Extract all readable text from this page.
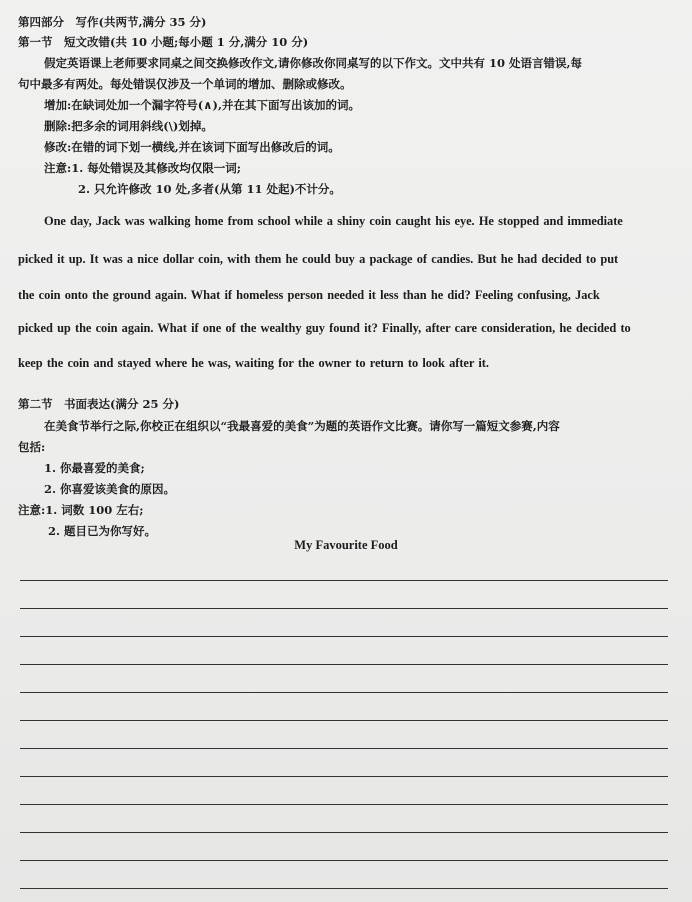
第四部分　写作(共两节,满分 35 分)
第一节　短文改错(共 10 小题;每小题 1 分,满分 10 分)
假定英语课上老师要求同桌之间交换修改作文,请你修改你同桌写的以下作文。文中共有 10 处语言错误,每
句中最多有两处。每处错误仅涉及一个单词的增加、删除或修改。
增加:在缺词处加一个漏字符号(∧),并在其下面写出该加的词。
删除:把多余的词用斜线(\)划掉。
修改:在错的词下划一横线,并在该词下面写出修改后的词。
注意:1. 每处错误及其修改均仅限一词;
2. 只允许修改 10 处,多者(从第 11 处起)不计分。
One day, Jack was walking home from school while a shiny coin caught his eye. He stopped and immediate
picked it up. It was a nice dollar coin, with them he could buy a package of candies. But he had decided to put
the coin onto the ground again. What if homeless person needed it less than he did? Feeling confusing, Jack
picked up the coin again. What if one of the wealthy guy found it? Finally, after care consideration, he decided to
keep the coin and stayed where he was, waiting for the owner to return to look after it.
第二节　书面表达(满分 25 分)
在美食节举行之际,你校正在组织以“我最喜爱的美食”为题的英语作文比赛。请你写一篇短文参赛,内容
包括:
1. 你最喜爱的美食;
2. 你喜爱该美食的原因。
注意:1. 词数 100 左右;
2. 题目已为你写好。
My Favourite Food
